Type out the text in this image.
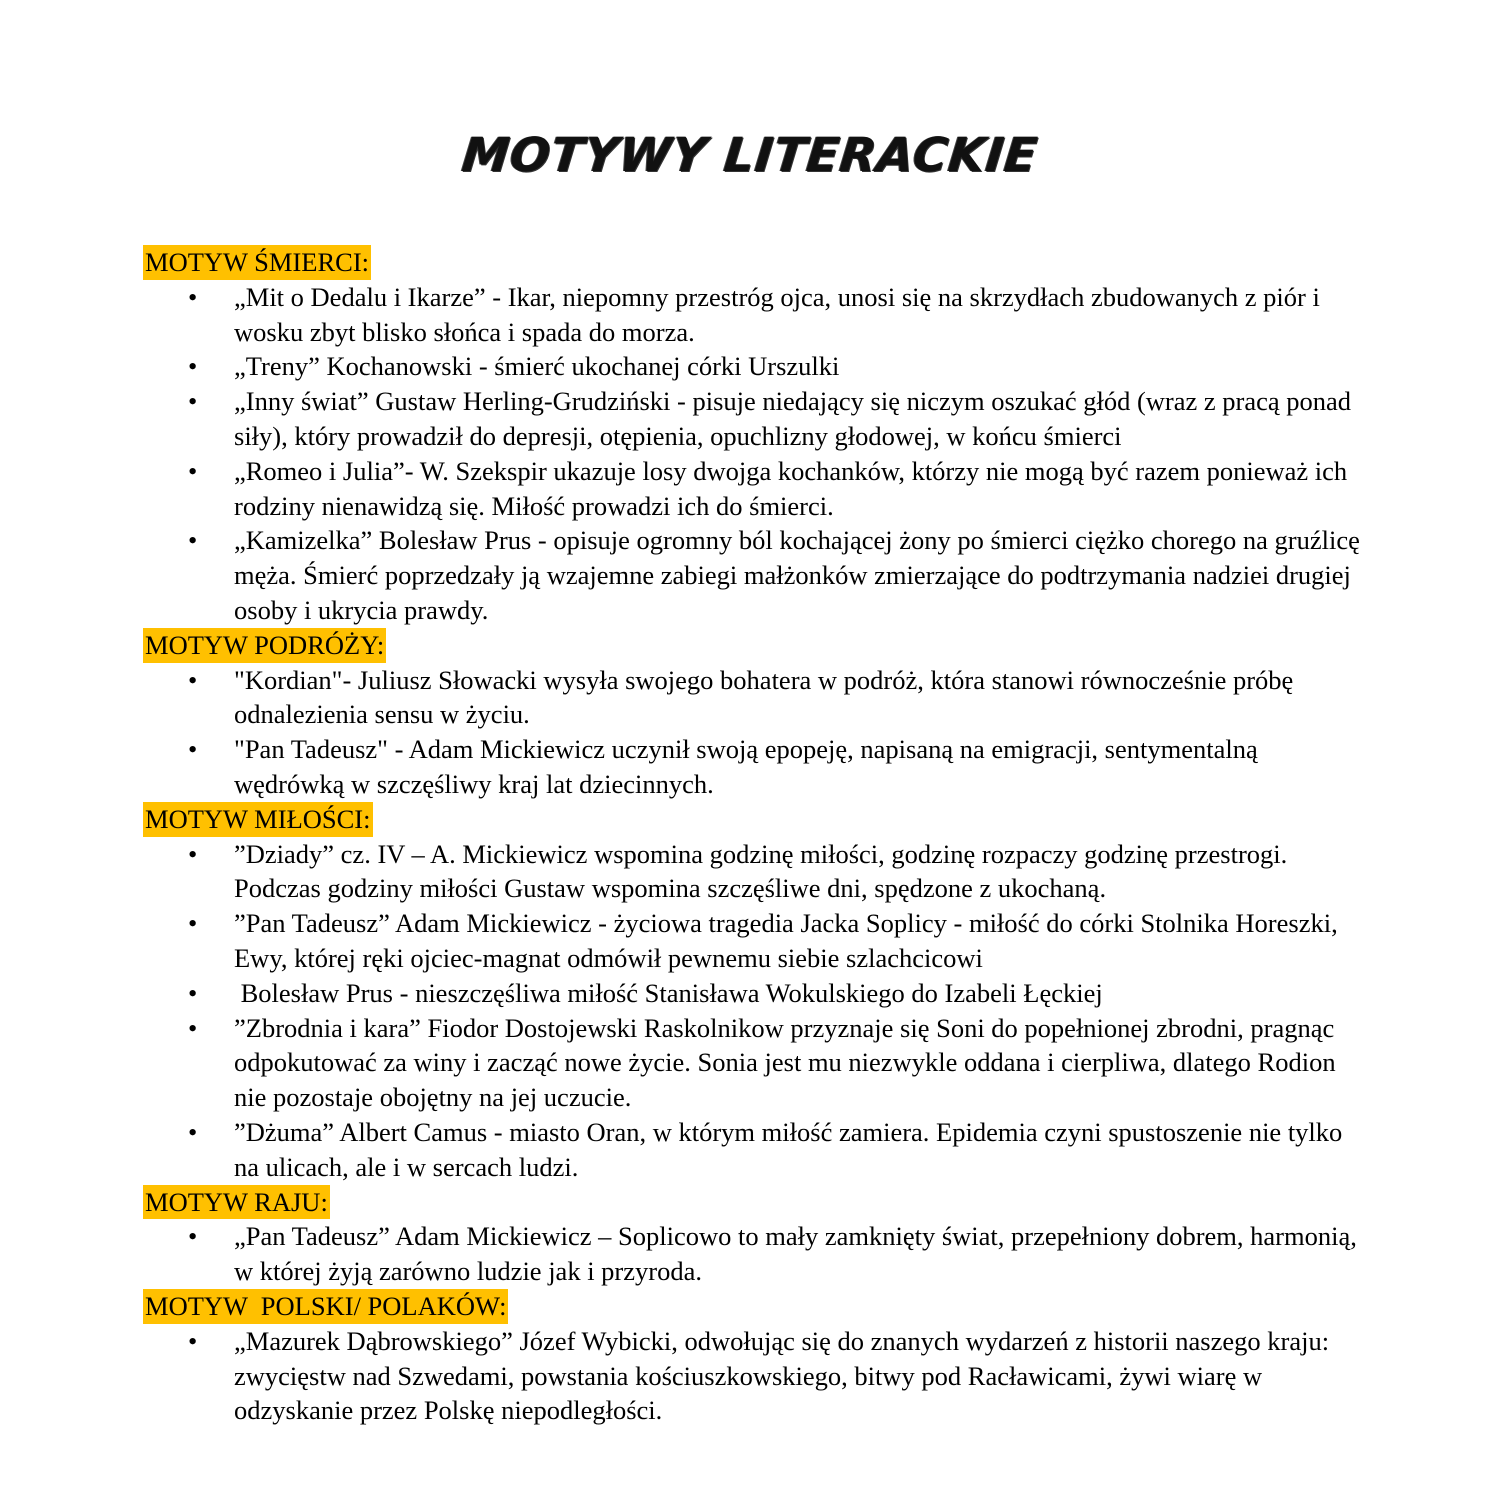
MOTYWY LITERACKIE
MOTYW ŚMIERCI:
• „Mit o Dedalu i Ikarze” - Ikar, niepomny przestróg ojca, unosi się na skrzydłach zbudowanych z piór i wosku zbyt blisko słońca i spada do morza.
• „Treny” Kochanowski - śmierć ukochanej córki Urszulki
• „Inny świat” Gustaw Herling-Grudziński - pisuje niedający się niczym oszukać głód (wraz z pracą ponad siły), który prowadził do depresji, otępienia, opuchlizny głodowej, w końcu śmierci
• „Romeo i Julia”- W. Szekspir ukazuje losy dwojga kochanków, którzy nie mogą być razem ponieważ ich rodziny nienawidzą się. Miłość prowadzi ich do śmierci.
• „Kamizelka” Bolesław Prus - opisuje ogromny ból kochającej żony po śmierci ciężko chorego na gruźlicę męża. Śmierć poprzedzały ją wzajemne zabiegi małżonków zmierzające do podtrzymania nadziei drugiej osoby i ukrycia prawdy.
MOTYW PODRÓŻY:
• "Kordian"- Juliusz Słowacki wysyła swojego bohatera w podróż, która stanowi równocześnie próbę odnalezienia sensu w życiu.
• "Pan Tadeusz" - Adam Mickiewicz uczynił swoją epopeję, napisaną na emigracji, sentymentalną wędrówką w szczęśliwy kraj lat dziecinnych.
MOTYW MIŁOŚCI:
• ”Dziady” cz. IV – A. Mickiewicz wspomina godzinę miłości, godzinę rozpaczy godzinę przestrogi. Podczas godziny miłości Gustaw wspomina szczęśliwe dni, spędzone z ukochaną.
• ”Pan Tadeusz” Adam Mickiewicz - życiowa tragedia Jacka Soplicy - miłość do córki Stolnika Horeszki, Ewy, której ręki ojciec-magnat odmówił pewnemu siebie szlachcicowi
• Bolesław Prus - nieszczęśliwa miłość Stanisława Wokulskiego do Izabeli Łęckiej
• ”Zbrodnia i kara” Fiodor Dostojewski Raskolnikow przyznaje się Soni do popełnionej zbrodni, pragnąc odpokutować za winy i zacząć nowe życie. Sonia jest mu niezwykle oddana i cierpliwa, dlatego Rodion nie pozostaje obojętny na jej uczucie.
• ”Dżuma” Albert Camus - miasto Oran, w którym miłość zamiera. Epidemia czyni spustoszenie nie tylko na ulicach, ale i w sercach ludzi.
MOTYW RAJU:
• „Pan Tadeusz” Adam Mickiewicz – Soplicowo to mały zamknięty świat, przepełniony dobrem, harmonią, w której żyją zarówno ludzie jak i przyroda.
MOTYW  POLSKI/ POLAKÓW:
• „Mazurek Dąbrowskiego” Józef Wybicki, odwołując się do znanych wydarzeń z historii naszego kraju: zwycięstw nad Szwedami, powstania kościuszkowskiego, bitwy pod Racławicami, żywi wiarę w odzyskanie przez Polskę niepodległości.
